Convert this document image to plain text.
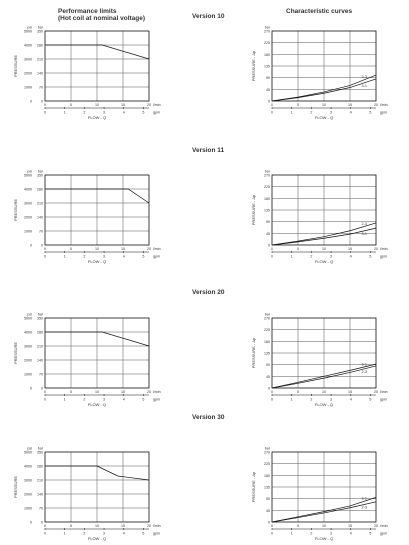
Performance limits
(Hot coil at nominal voltage)
Characteristic curves
Version 10
Version 11
Version 20
Version 30
0
70
140
210
280
350
bar
0
1000
2000
3000
4000
5000
psi
PRESSURE
0	5	10	15	20 l/min
0	1	2	3	4	5 gpm
FLOW - Q
0
45
90
135
180
225
270
bar
PRESSURE - Δp
0	5	10	15	20 l/min
0	1	2	3	4	5 gpm
FLOW - Q
2-3
3-1
0
70
140
210
280
350
bar
0
1000
2000
3000
4000
5000
psi
PRESSURE
0	5	10	15	20 l/min
0	1	2	3	4	5 gpm
FLOW - Q
0
45
90
135
180
225
270
bar
PRESSURE - Δp
0	5	10	15	20 l/min
0	1	2	3	4	5 gpm
FLOW - Q
2-3
3-1
0
70
140
210
280
350
bar
0
1000
2000
3000
4000
5000
psi
PRESSURE
0	5	10	15	20 l/min
0	1	2	3	4	5 gpm
FLOW - Q
0
45
90
135
180
225
270
bar
PRESSURE - Δp
0	5	10	15	20 l/min
0	1	2	3	4	5 gpm
FLOW - Q
3-1
2-3
0
70
140
210
280
350
bar
0
1000
2000
3000
4000
5000
psi
PRESSURE
0	5	10	15	20 l/min
0	1	2	3	4	5 gpm
FLOW - Q
0
45
90
135
180
225
270
bar
PRESSURE - Δp
0	5	10	15	20 l/min
0	1	2	3	4	5 gpm
FLOW - Q
3-1
2-3
